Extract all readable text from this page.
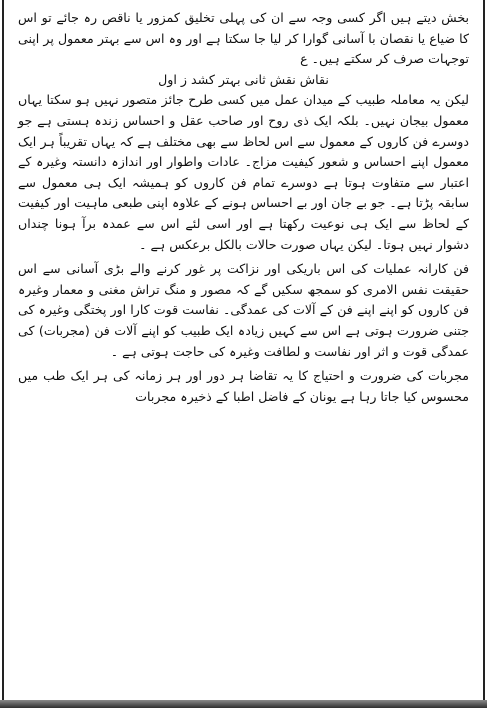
بخش دیتے ہیں اگر کسی وجہ سے ان کی پہلی تخلیق کمزور یا ناقص رہ جائے تو اس کا ضیاع یا نقصان با آسانی گوارا کر لیا جا سکتا ہے اور وہ اس سے بہتر معمول پر اپنی توجہات صرف کر سکتے ہیں۔ ع

نقاش نقش ثانی بہتر کشد ز اول

لیکن یہ معاملہ طبیب کے میدان عمل میں کسی طرح جائز متصور نہیں ہو سکتا یہاں معمول بیجان نہیں۔ بلکہ ایک ذی روح اور صاحب عقل و احساس زندہ ہستی ہے جو دوسرے فن کاروں کے معمول سے اس لحاظ سے بھی مختلف ہے کہ یہاں تقریباً ہر ایک معمول اپنے احساس و شعور کیفیت مزاج۔ عادات واطوار اور اندازہ دانستہ وغیرہ کے اعتبار سے متفاوت ہوتا ہے دوسرے تمام فن کاروں کو ہمیشہ ایک ہی معمول سے سابقہ پڑتا ہے۔ جو بے جان اور بے احساس ہونے کے علاوہ اپنی طبعی ماہیت اور کیفیت کے لحاظ سے ایک ہی نوعیت رکھتا ہے اور اسی لئے اس سے عمدہ برآ ہونا چنداں دشوار نہیں ہوتا۔ لیکن یہاں صورت حالات بالکل برعکس ہے ۔

فن کارانہ عملیات کی اس باریکی اور نزاکت پر غور کرنے والے بڑی آسانی سے اس حقیقت نفس الامری کو سمجھ سکیں گے کہ مصور و منگ تراش مغنی و معمار وغیرہ فن کاروں کو اپنے اپنے فن کے آلات کی عمدگی۔ نفاست قوت کارا اور پختگی وغیرہ کی جتنی ضرورت ہوتی ہے اس سے کہیں زیادہ ایک طبیب کو اپنے آلات فن (مجربات) کی عمدگی قوت و اثر اور نفاست و لطافت وغیرہ کی حاجت ہوتی ہے ۔

مجربات کی ضرورت و احتیاج کا یہ تقاضا ہر دور اور ہر زمانہ کی ہر ایک طب میں محسوس کیا جاتا رہا ہے یونان کے فاضل اطبا کے ذخیرہ مجربات
